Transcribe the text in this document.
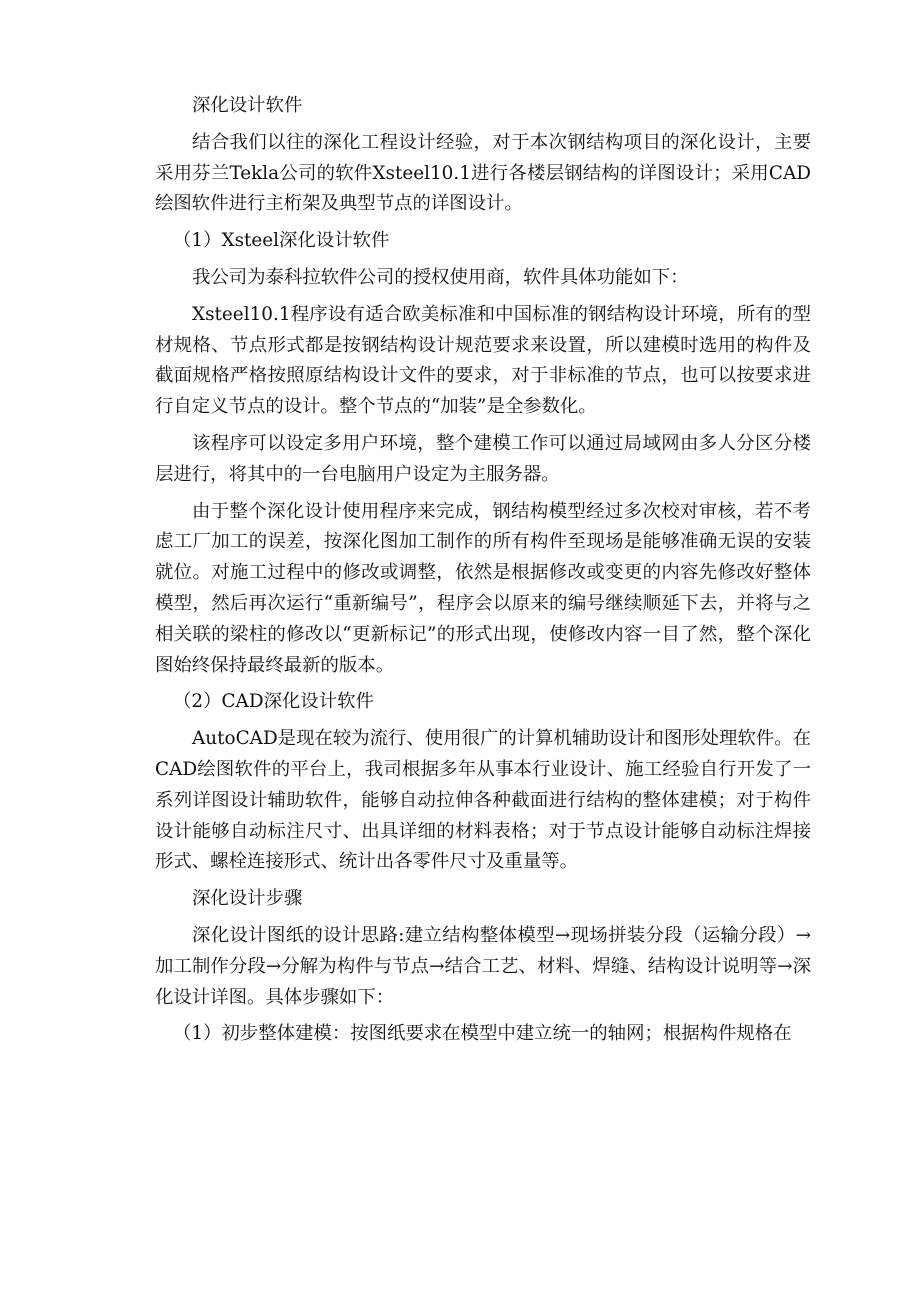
深化设计软件

结合我们以往的深化工程设计经验，对于本次钢结构项目的深化设计，主要采用芬兰Tekla公司的软件Xsteel10.1进行各楼层钢结构的详图设计；采用CAD绘图软件进行主桁架及典型节点的详图设计。

（1）Xsteel深化设计软件

我公司为泰科拉软件公司的授权使用商，软件具体功能如下：

Xsteel10.1程序设有适合欧美标准和中国标准的钢结构设计环境，所有的型材规格、节点形式都是按钢结构设计规范要求来设置，所以建模时选用的构件及截面规格严格按照原结构设计文件的要求，对于非标准的节点，也可以按要求进行自定义节点的设计。整个节点的“加装”是全参数化。

该程序可以设定多用户环境，整个建模工作可以通过局域网由多人分区分楼层进行，将其中的一台电脑用户设定为主服务器。

由于整个深化设计使用程序来完成，钢结构模型经过多次校对审核，若不考虑工厂加工的误差，按深化图加工制作的所有构件至现场是能够准确无误的安装就位。对施工过程中的修改或调整，依然是根据修改或变更的内容先修改好整体模型，然后再次运行“重新编号”，程序会以原来的编号继续顺延下去，并将与之相关联的梁柱的修改以“更新标记”的形式出现，使修改内容一目了然，整个深化图始终保持最终最新的版本。

（2）CAD深化设计软件

AutoCAD是现在较为流行、使用很广的计算机辅助设计和图形处理软件。在CAD绘图软件的平台上，我司根据多年从事本行业设计、施工经验自行开发了一系列详图设计辅助软件，能够自动拉伸各种截面进行结构的整体建模；对于构件设计能够自动标注尺寸、出具详细的材料表格；对于节点设计能够自动标注焊接形式、螺栓连接形式、统计出各零件尺寸及重量等。

深化设计步骤

深化设计图纸的设计思路:建立结构整体模型→现场拼装分段（运输分段）→加工制作分段→分解为构件与节点→结合工艺、材料、焊缝、结构设计说明等→深化设计详图。具体步骤如下：

（1）初步整体建模：按图纸要求在模型中建立统一的轴网；根据构件规格在
